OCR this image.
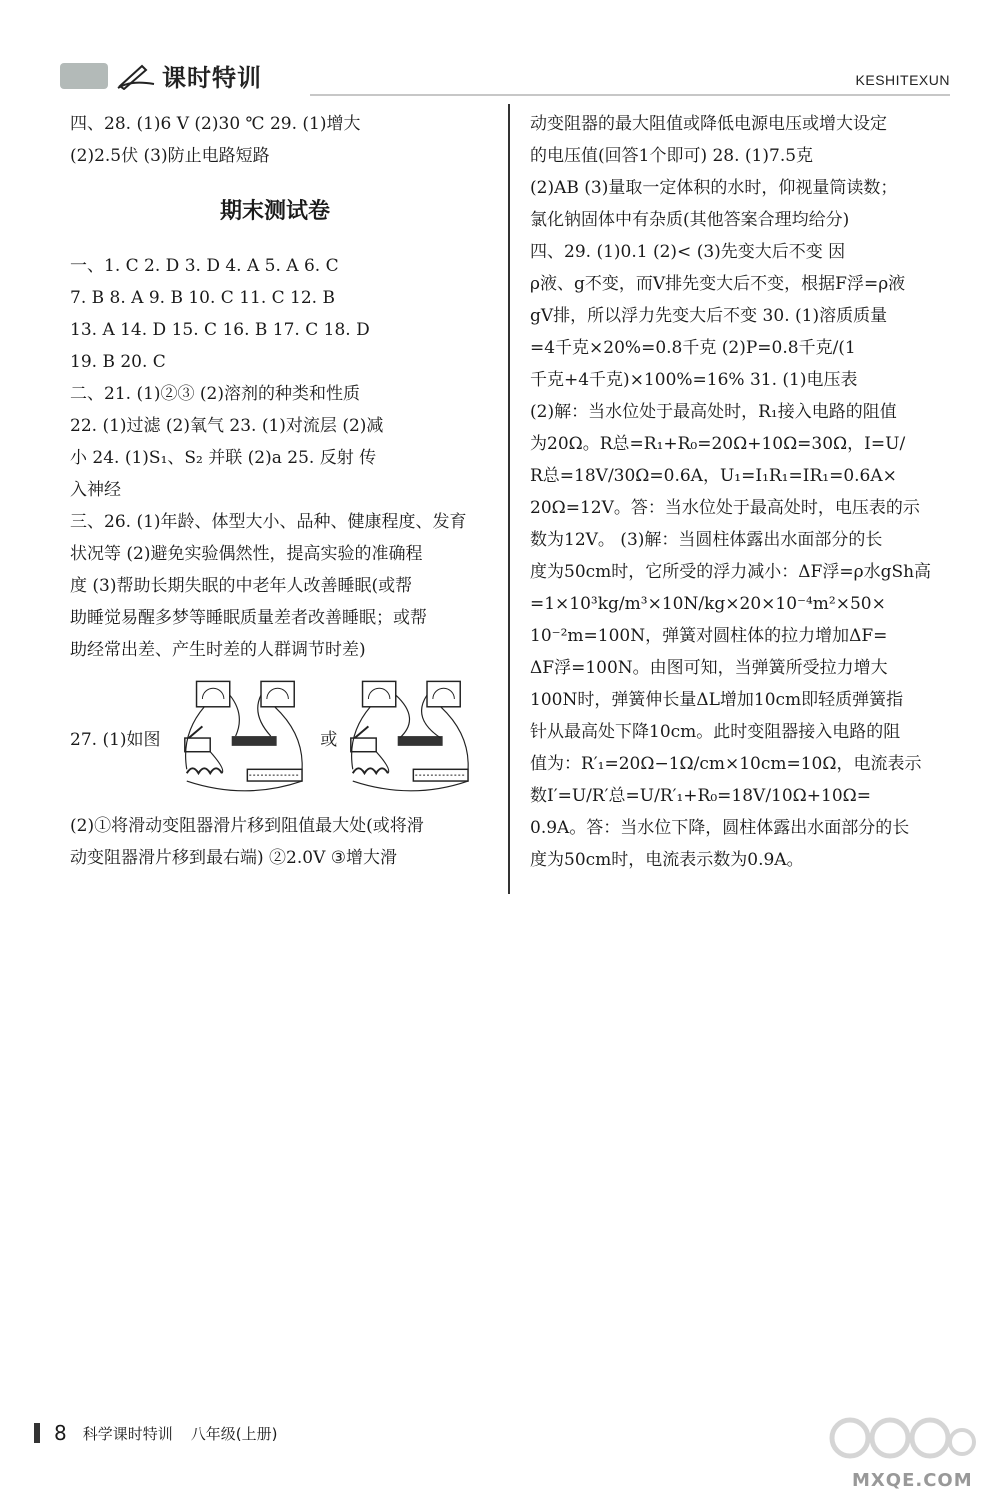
课时特训	KESHITEXUN
四、28. (1)6 V (2)30 ℃ 29. (1)增大
(2)2.5伏 (3)防止电路短路
期末测试卷
一、1. C 2. D 3. D 4. A 5. A 6. C
7. B 8. A 9. B 10. C 11. C 12. B
13. A 14. D 15. C 16. B 17. C 18. D
19. B 20. C
二、21. (1)②③ (2)溶剂的种类和性质
22. (1)过滤 (2)氧气 23. (1)对流层 (2)减
小 24. (1)S₁、S₂ 并联 (2)a 25. 反射 传
入神经
三、26. (1)年龄、体型大小、品种、健康程度、发育
状况等 (2)避免实验偶然性，提高实验的准确程
度 (3)帮助长期失眠的中老年人改善睡眠(或帮
助睡觉易醒多梦等睡眠质量差者改善睡眠；或帮
助经常出差、产生时差的人群调节时差)
27. (1)如图	或
(2)①将滑动变阻器滑片移到阻值最大处(或将滑
动变阻器滑片移到最右端) ②2.0V ③增大滑
动变阻器的最大阻值或降低电源电压或增大设定
的电压值(回答1个即可) 28. (1)7.5克
(2)AB (3)量取一定体积的水时，仰视量筒读数；
氯化钠固体中有杂质(其他答案合理均给分)
四、29. (1)0.1 (2)< (3)先变大后不变 因
ρ液、g不变，而V排先变大后不变，根据F浮=ρ液
gV排，所以浮力先变大后不变 30. (1)溶质质量
=4千克×20%=0.8千克 (2)P=0.8千克/(1
千克+4千克)×100%=16% 31. (1)电压表
(2)解：当水位处于最高处时，R₁接入电路的阻值
为20Ω。R总=R₁+R₀=20Ω+10Ω=30Ω，I=U/
R总=18V/30Ω=0.6A，U₁=I₁R₁=IR₁=0.6A×
20Ω=12V。答：当水位处于最高处时，电压表的示
数为12V。 (3)解：当圆柱体露出水面部分的长
度为50cm时，它所受的浮力减小：ΔF浮=ρ水gSh高
=1×10³kg/m³×10N/kg×20×10⁻⁴m²×50×
10⁻²m=100N，弹簧对圆柱体的拉力增加ΔF=
ΔF浮=100N。由图可知，当弹簧所受拉力增大
100N时，弹簧伸长量ΔL增加10cm即轻质弹簧指
针从最高处下降10cm。此时变阻器接入电路的阻
值为：R′₁=20Ω−1Ω/cm×10cm=10Ω，电流表示
数I′=U/R′总=U/R′₁+R₀=18V/10Ω+10Ω=
0.9A。答：当水位下降，圆柱体露出水面部分的长
度为50cm时，电流表示数为0.9A。
8 科学课时特训 八年级(上册)
MXQE.COM
